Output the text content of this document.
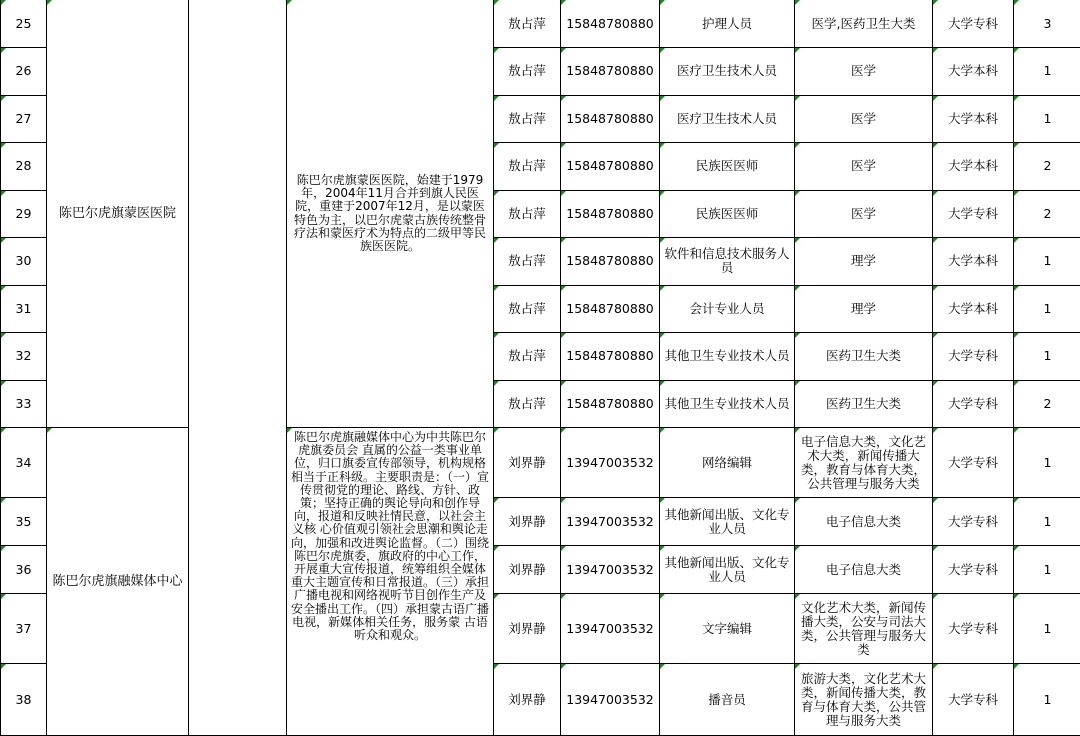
25	陈巴尔虎旗蒙医医院		陈巴尔虎旗蒙医医院，始建于1979年，2004年11月合并到旗人民医院，重建于2007年12月，是以蒙医特色为主，以巴尔虎蒙古族传统整骨疗法和蒙医疗术为特点的二级甲等民族医医院。	敖占萍	15848780880	护理人员	医学,医药卫生大类	大学专科	3
26				敖占萍	15848780880	医疗卫生技术人员	医学	大学本科	1
27				敖占萍	15848780880	医疗卫生技术人员	医学	大学本科	1
28				敖占萍	15848780880	民族医医师	医学	大学本科	2
29				敖占萍	15848780880	民族医医师	医学	大学专科	2
30				敖占萍	15848780880	软件和信息技术服务人员	理学	大学本科	1
31				敖占萍	15848780880	会计专业人员	理学	大学本科	1
32				敖占萍	15848780880	其他卫生专业技术人员	医药卫生大类	大学专科	1
33				敖占萍	15848780880	其他卫生专业技术人员	医药卫生大类	大学专科	2
34	陈巴尔虎旗融媒体中心		陈巴尔虎旗融媒体中心为中共陈巴尔虎旗委员会 直属的公益一类事业单位，归口旗委宣传部领导，机构规格相当于正科级。主要职责是：（一）宣传贯彻党的理论、路线、方针、政策；坚持正确的舆论导向和创作导向，报道和反映社情民意，以社会主义核 心价值观引领社会思潮和舆论走向，加强和改进舆论监督。（二）围绕陈巴尔虎旗委，旗政府的中心工作，开展重大宣传报道，统筹组织全媒体重大主题宣传和日常报道。（三）承担广播电视和网络视听节目创作生产及安全播出工作。（四）承担蒙古语广播电视，新媒体相关任务，服务蒙 古语听众和观众。	刘界静	13947003532	网络编辑	电子信息大类，文化艺术大类，新闻传播大类，教育与体育大类，公共管理与服务大类	大学专科	1
35				刘界静	13947003532	其他新闻出版、文化专业人员	电子信息大类	大学专科	1
36				刘界静	13947003532	其他新闻出版、文化专业人员	电子信息大类	大学专科	1
37				刘界静	13947003532	文字编辑	文化艺术大类，新闻传播大类，公安与司法大类，公共管理与服务大类	大学专科	1
38				刘界静	13947003532	播音员	旅游大类，文化艺术大类，新闻传播大类，教育与体育大类，公共管理与服务大类	大学专科	1
